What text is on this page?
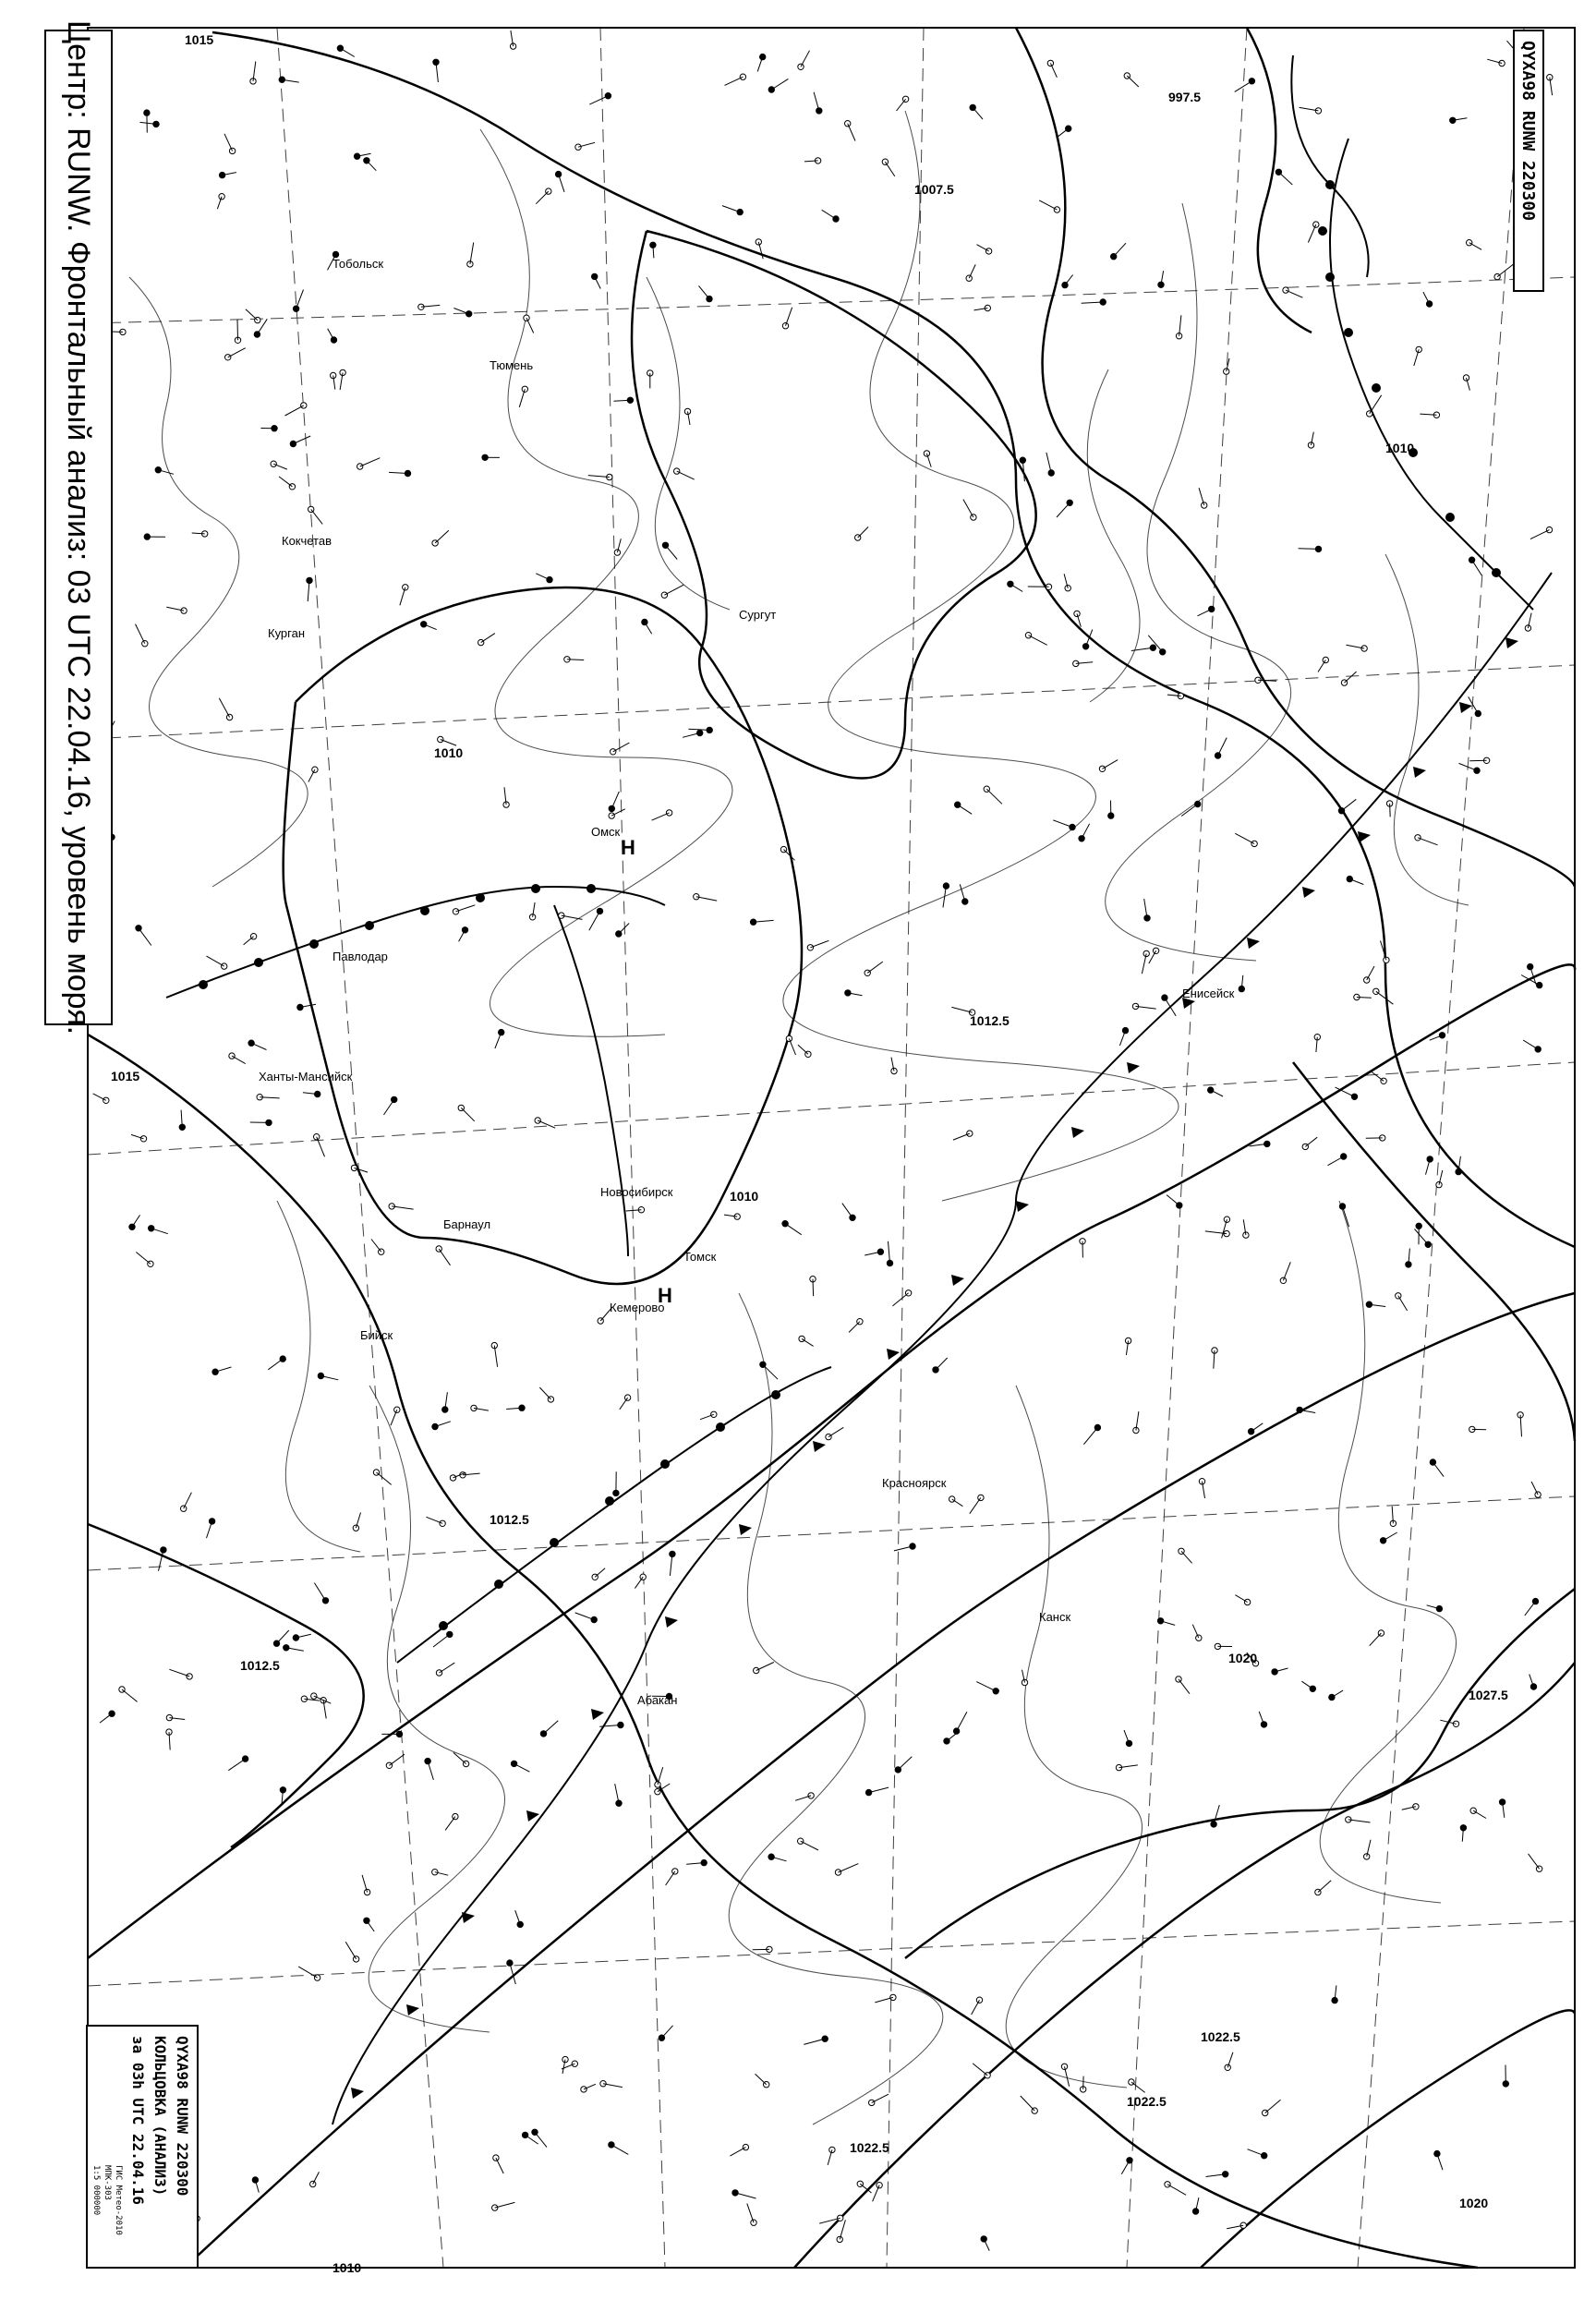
1015
997.5
1007.5
1010
1010
1012.5
1010
1012.5
1012.5
1027.5
1022.5
1020
1022.5
1020
1015
1010
1022.5
Н
Н
Омск
Новосибирск
Томск
Кемерово
Барнаул
Красноярск
Тобольск
Ханты-Мансийск
Сургут
Курган
Бийск
Енисейск
Канск
Абакан
Тюмень
Павлодар
Кокчетав
Центр: RUNW. Фронтальный анализ: 03 UTC 22.04.16, уровень моря.	QYXA98 RUNW 220300
QYXA98 RUNW 220300
КОЛЬЦОВКА (АНАЛИЗ)
за 03h UTC 22.04.16
ГИС Метео-2010
МПК-303
1:5 000000
